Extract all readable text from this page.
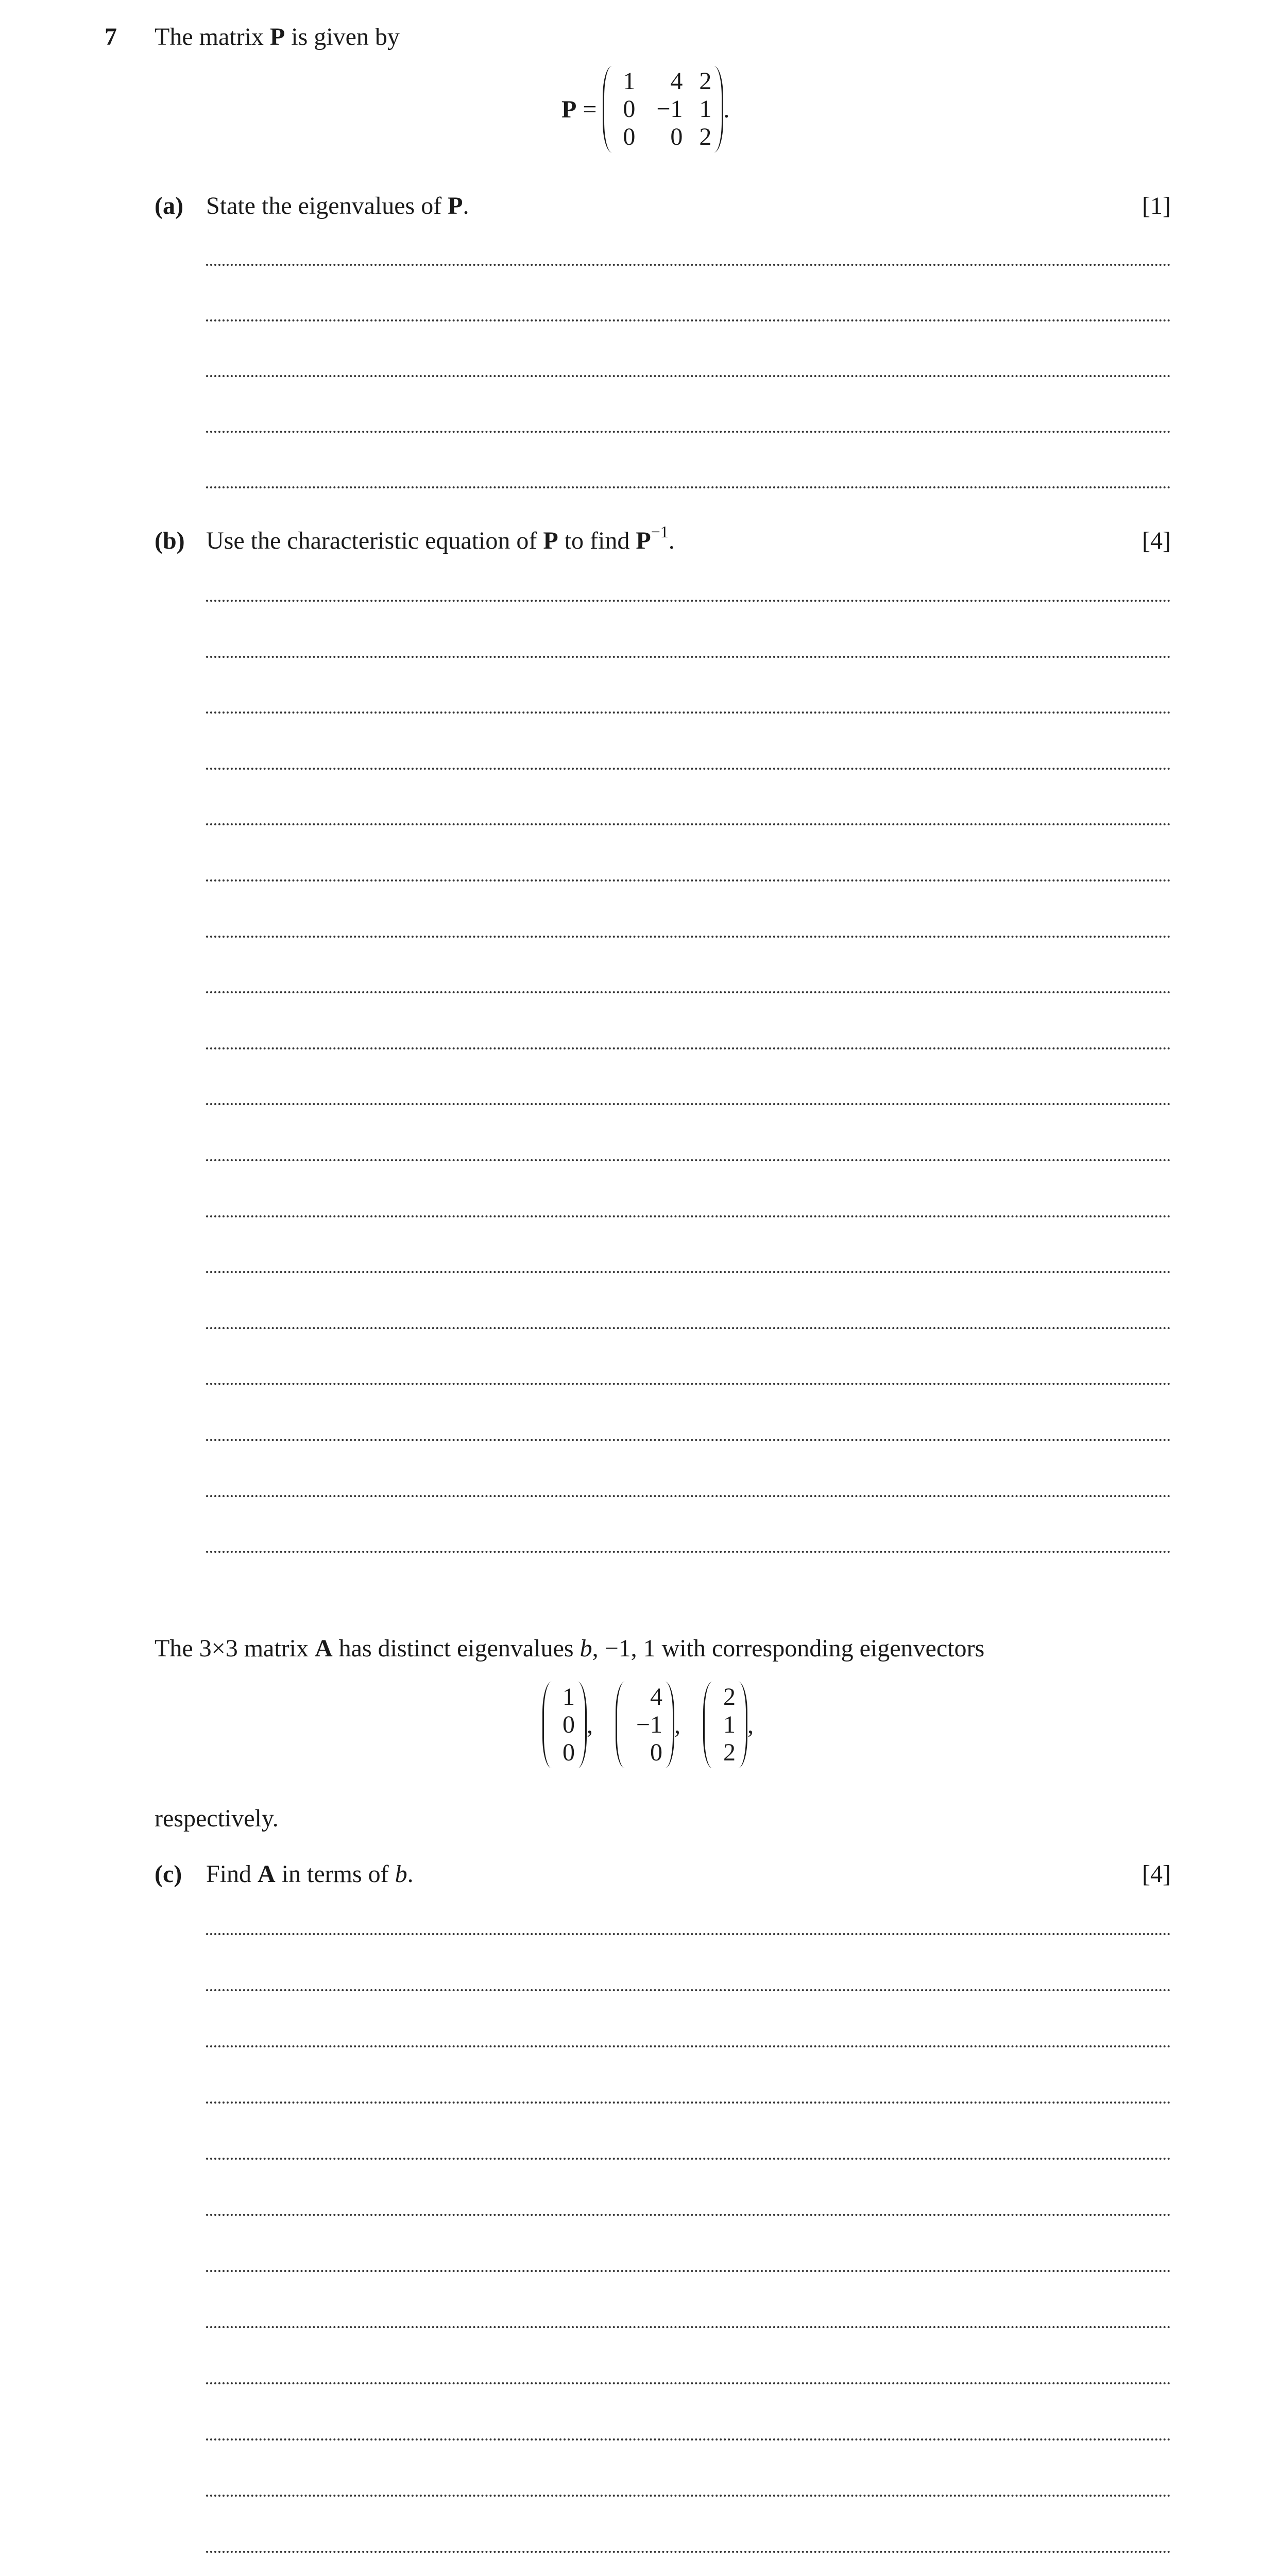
7 The matrix P is given by
P =
1	4 2
0 −1 1
0	0 2
.
(a) State the eigenvalues of P.	[1]
(b) Use the characteristic equation of P to find $P^{-1}$.	[4]
The 3×3 matrix A has distinct eigenvalues b, −1, 1 with corresponding eigenvectors
1
0
0
,
4
−1
0
,
2
1
2
,
respectively.
(c) Find A in terms of b.	[4]
